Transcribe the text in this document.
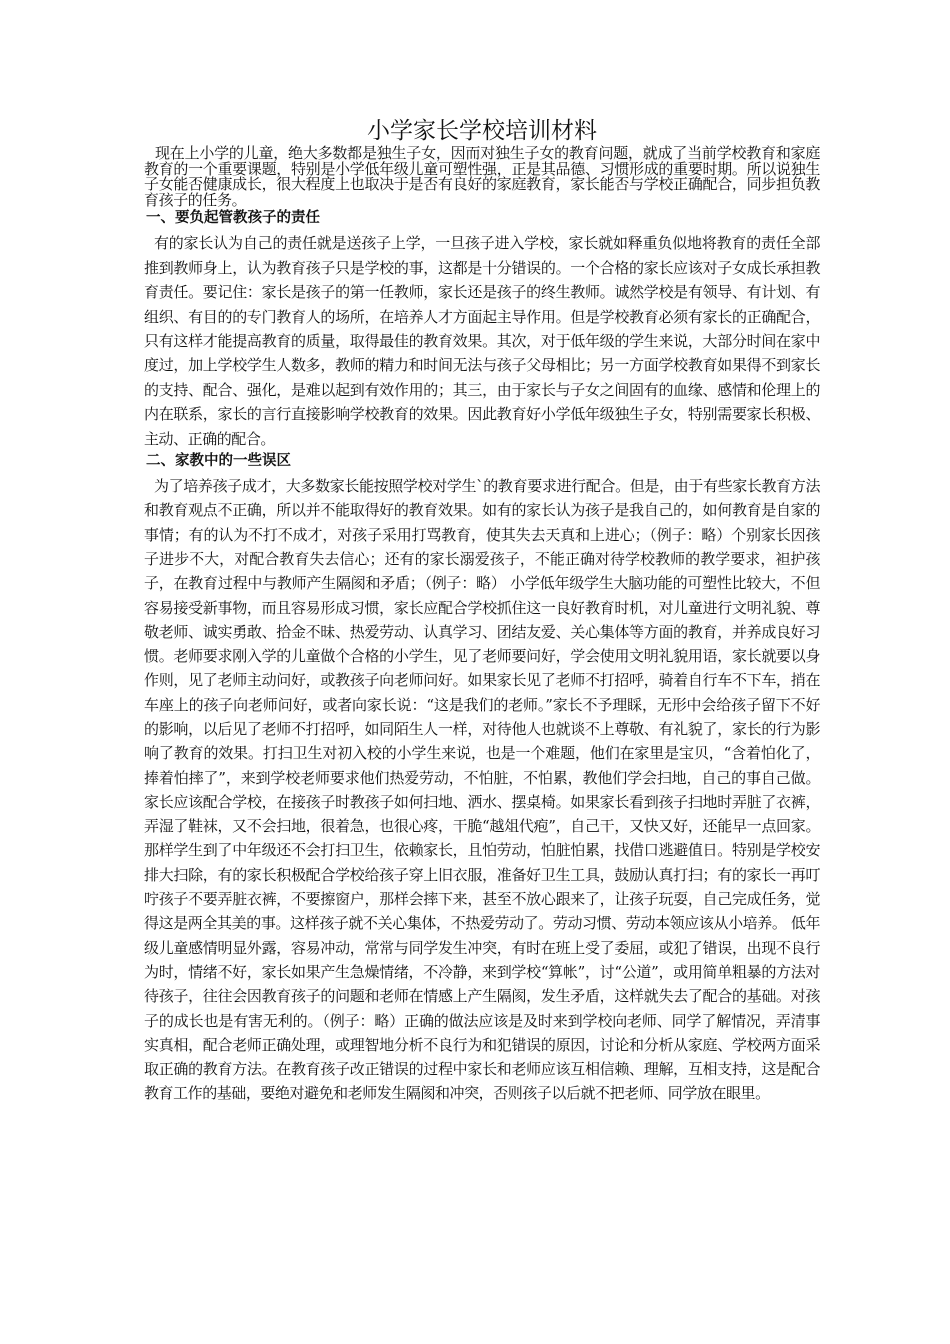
小学家长学校培训材料

现在上小学的儿童，绝大多数都是独生子女，因而对独生子女的教育问题，就成了当前学校教育和家庭教育的一个重要课题，特别是小学低年级儿童可塑性强，正是其品德、习惯形成的重要时期。所以说独生子女能否健康成长，很大程度上也取决于是否有良好的家庭教育，家长能否与学校正确配合，同步担负教育孩子的任务。

一、要负起管教孩子的责任

有的家长认为自己的责任就是送孩子上学，一旦孩子进入学校，家长就如释重负似地将教育的责任全部推到教师身上，认为教育孩子只是学校的事，这都是十分错误的。一个合格的家长应该对子女成长承担教育责任。要记住：家长是孩子的第一任教师，家长还是孩子的终生教师。诚然学校是有领导、有计划、有组织、有目的的专门教育人的场所，在培养人才方面起主导作用。但是学校教育必须有家长的正确配合，只有这样才能提高教育的质量，取得最佳的教育效果。其次，对于低年级的学生来说，大部分时间在家中度过，加上学校学生人数多，教师的精力和时间无法与孩子父母相比；另一方面学校教育如果得不到家长的支持、配合、强化，是难以起到有效作用的；其三，由于家长与子女之间固有的血缘、感情和伦理上的内在联系，家长的言行直接影响学校教育的效果。因此教育好小学低年级独生子女，特别需要家长积极、主动、正确的配合。

二、家教中的一些误区

为了培养孩子成才，大多数家长能按照学校对学生`的教育要求进行配合。但是，由于有些家长教育方法和教育观点不正确，所以并不能取得好的教育效果。如有的家长认为孩子是我自己的，如何教育是自家的事情；有的认为不打不成才，对孩子采用打骂教育，使其失去天真和上进心；（例子：略）个别家长因孩子进步不大，对配合教育失去信心；还有的家长溺爱孩子，不能正确对待学校教师的教学要求，袒护孩子，在教育过程中与教师产生隔阂和矛盾；（例子：略） 小学低年级学生大脑功能的可塑性比较大，不但容易接受新事物，而且容易形成习惯，家长应配合学校抓住这一良好教育时机，对儿童进行文明礼貌、尊敬老师、诚实勇敢、拾金不昧、热爱劳动、认真学习、团结友爱、关心集体等方面的教育，并养成良好习惯。老师要求刚入学的儿童做个合格的小学生，见了老师要问好，学会使用文明礼貌用语，家长就要以身作则，见了老师主动问好，或教孩子向老师问好。如果家长见了老师不打招呼，骑着自行车不下车，捎在车座上的孩子向老师问好，或者向家长说：“这是我们的老师。”家长不予理睬，无形中会给孩子留下不好的影响，以后见了老师不打招呼，如同陌生人一样，对待他人也就谈不上尊敬、有礼貌了，家长的行为影响了教育的效果。打扫卫生对初入校的小学生来说，也是一个难题，他们在家里是宝贝，“含着怕化了，捧着怕摔了”，来到学校老师要求他们热爱劳动，不怕脏，不怕累，教他们学会扫地，自己的事自己做。家长应该配合学校，在接孩子时教孩子如何扫地、洒水、摆桌椅。如果家长看到孩子扫地时弄脏了衣裤，弄湿了鞋袜，又不会扫地，很着急，也很心疼，干脆“越俎代疱”，自己干，又快又好，还能早一点回家。那样学生到了中年级还不会打扫卫生，依赖家长，且怕劳动，怕脏怕累，找借口逃避值日。特别是学校安排大扫除，有的家长积极配合学校给孩子穿上旧衣服，准备好卫生工具，鼓励认真打扫；有的家长一再叮咛孩子不要弄脏衣裤，不要擦窗户，那样会摔下来，甚至不放心跟来了，让孩子玩耍，自己完成任务，觉得这是两全其美的事。这样孩子就不关心集体，不热爱劳动了。劳动习惯、劳动本领应该从小培养。 低年级儿童感情明显外露，容易冲动，常常与同学发生冲突，有时在班上受了委屈，或犯了错误，出现不良行为时，情绪不好，家长如果产生急燥情绪，不冷静，来到学校“算帐”，讨“公道”，或用简单粗暴的方法对待孩子，往往会因教育孩子的问题和老师在情感上产生隔阂，发生矛盾，这样就失去了配合的基础。对孩子的成长也是有害无利的。（例子：略）正确的做法应该是及时来到学校向老师、同学了解情况，弄清事实真相，配合老师正确处理，或理智地分析不良行为和犯错误的原因，讨论和分析从家庭、学校两方面采取正确的教育方法。在教育孩子改正错误的过程中家长和老师应该互相信赖、理解，互相支持，这是配合教育工作的基础，要绝对避免和老师发生隔阂和冲突，否则孩子以后就不把老师、同学放在眼里。
